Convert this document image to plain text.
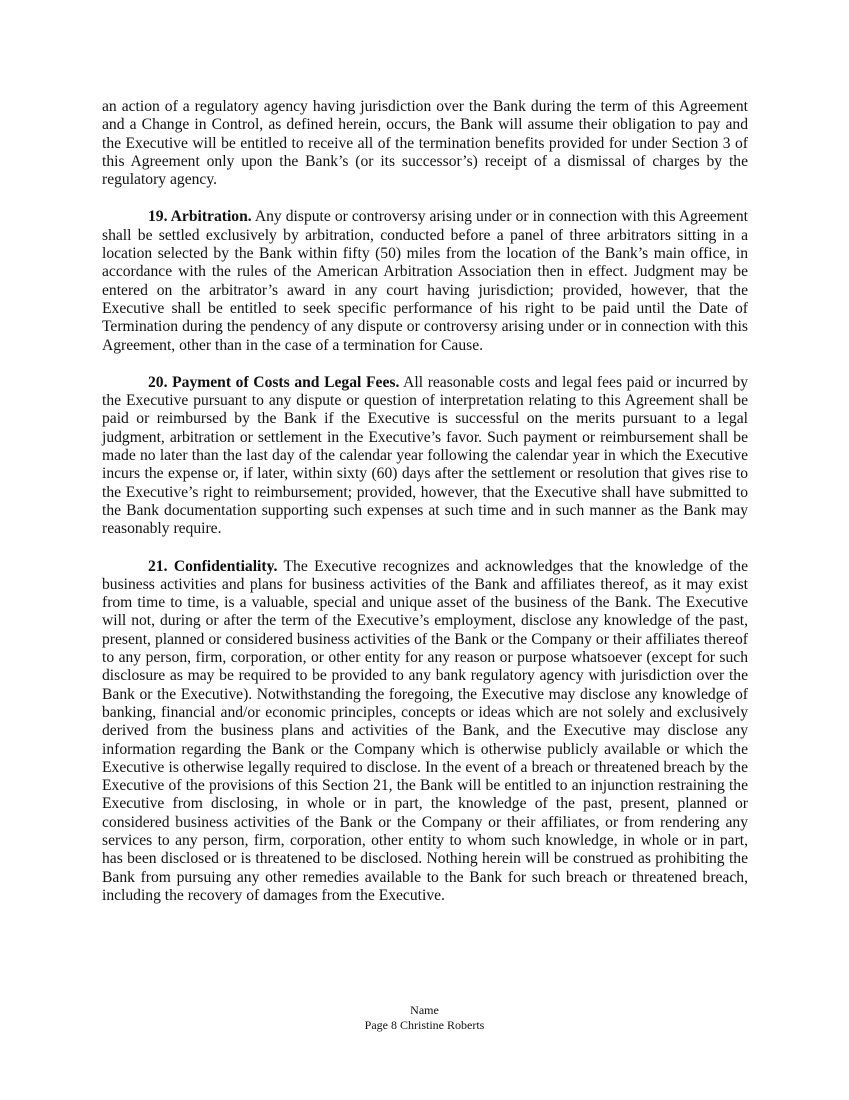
an action of a regulatory agency having jurisdiction over the Bank during the term of this Agreement and a Change in Control, as defined herein, occurs, the Bank will assume their obligation to pay and the Executive will be entitled to receive all of the termination benefits provided for under Section 3 of this Agreement only upon the Bank’s (or its successor’s) receipt of a dismissal of charges by the regulatory agency.

19. Arbitration. Any dispute or controversy arising under or in connection with this Agreement shall be settled exclusively by arbitration, conducted before a panel of three arbitrators sitting in a location selected by the Bank within fifty (50) miles from the location of the Bank’s main office, in accordance with the rules of the American Arbitration Association then in effect. Judgment may be entered on the arbitrator’s award in any court having jurisdiction; provided, however, that the Executive shall be entitled to seek specific performance of his right to be paid until the Date of Termination during the pendency of any dispute or controversy arising under or in connection with this Agreement, other than in the case of a termination for Cause.

20. Payment of Costs and Legal Fees. All reasonable costs and legal fees paid or incurred by the Executive pursuant to any dispute or question of interpretation relating to this Agreement shall be paid or reimbursed by the Bank if the Executive is successful on the merits pursuant to a legal judgment, arbitration or settlement in the Executive’s favor. Such payment or reimbursement shall be made no later than the last day of the calendar year following the calendar year in which the Executive incurs the expense or, if later, within sixty (60) days after the settlement or resolution that gives rise to the Executive’s right to reimbursement; provided, however, that the Executive shall have submitted to the Bank documentation supporting such expenses at such time and in such manner as the Bank may reasonably require.

21. Confidentiality. The Executive recognizes and acknowledges that the knowledge of the business activities and plans for business activities of the Bank and affiliates thereof, as it may exist from time to time, is a valuable, special and unique asset of the business of the Bank. The Executive will not, during or after the term of the Executive’s employment, disclose any knowledge of the past, present, planned or considered business activities of the Bank or the Company or their affiliates thereof to any person, firm, corporation, or other entity for any reason or purpose whatsoever (except for such disclosure as may be required to be provided to any bank regulatory agency with jurisdiction over the Bank or the Executive). Notwithstanding the foregoing, the Executive may disclose any knowledge of banking, financial and/or economic principles, concepts or ideas which are not solely and exclusively derived from the business plans and activities of the Bank, and the Executive may disclose any information regarding the Bank or the Company which is otherwise publicly available or which the Executive is otherwise legally required to disclose. In the event of a breach or threatened breach by the Executive of the provisions of this Section 21, the Bank will be entitled to an injunction restraining the Executive from disclosing, in whole or in part, the knowledge of the past, present, planned or considered business activities of the Bank or the Company or their affiliates, or from rendering any services to any person, firm, corporation, other entity to whom such knowledge, in whole or in part, has been disclosed or is threatened to be disclosed. Nothing herein will be construed as prohibiting the Bank from pursuing any other remedies available to the Bank for such breach or threatened breach, including the recovery of damages from the Executive.

Name
Page 8 Christine Roberts
